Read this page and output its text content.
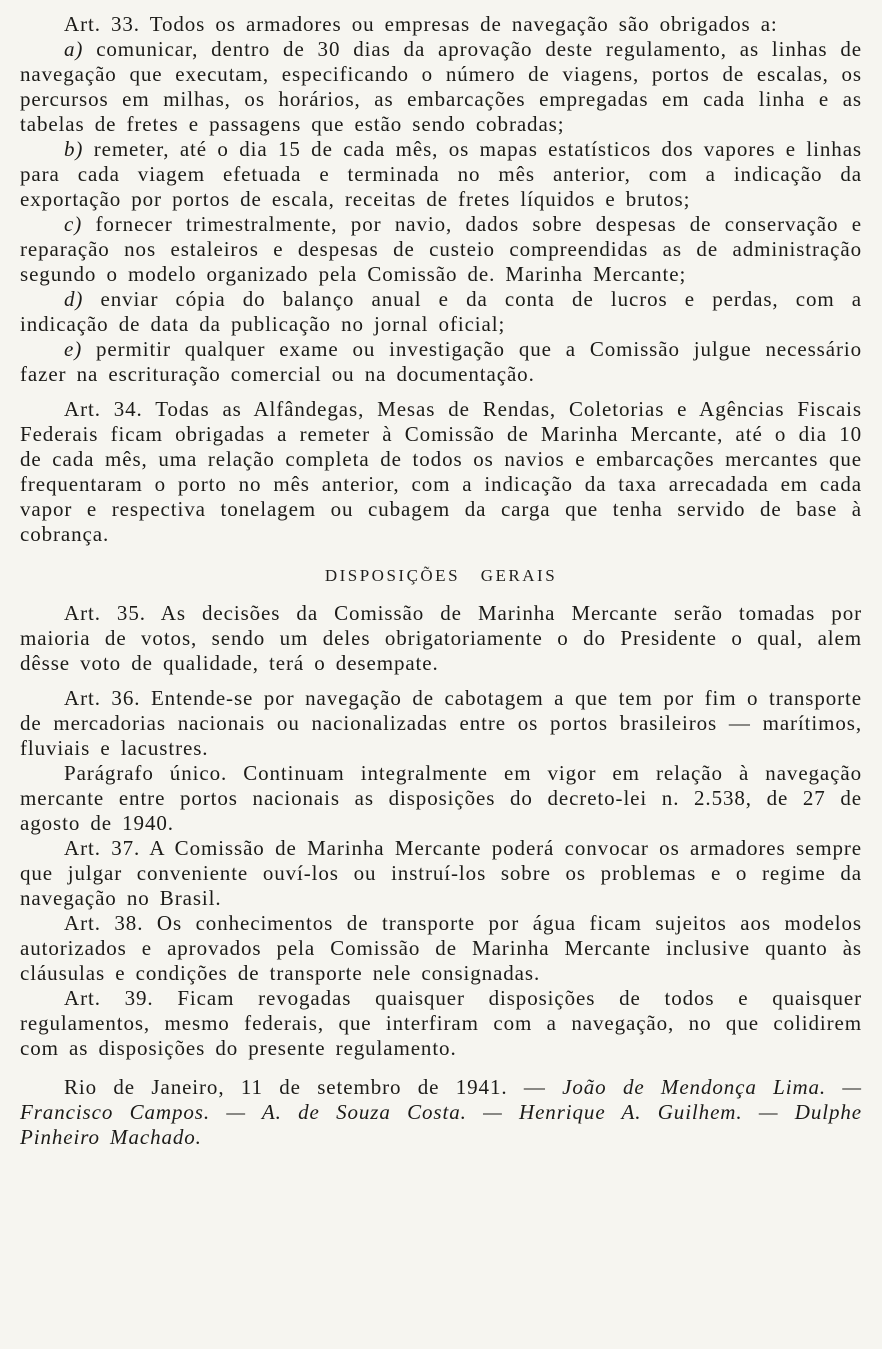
Art. 33. Todos os armadores ou empresas de navegação são obrigados a:

a) comunicar, dentro de 30 dias da aprovação deste regulamento, as linhas de navegação que executam, especificando o número de viagens, portos de escalas, os percursos em milhas, os horários, as embarcações empregadas em cada linha e as tabelas de fretes e passagens que estão sendo cobradas;

b) remeter, até o dia 15 de cada mês, os mapas estatísticos dos vapores e linhas para cada viagem efetuada e terminada no mês anterior, com a indicação da exportação por portos de escala, receitas de fretes líquidos e brutos;

c) fornecer trimestralmente, por navio, dados sobre despesas de conservação e reparação nos estaleiros e despesas de custeio compreendidas as de administração segundo o modelo organizado pela Comissão de. Marinha Mercante;

d) enviar cópia do balanço anual e da conta de lucros e perdas, com a indicação de data da publicação no jornal oficial;

e) permitir qualquer exame ou investigação que a Comissão julgue necessário fazer na escrituração comercial ou na documentação.

Art. 34. Todas as Alfândegas, Mesas de Rendas, Coletorias e Agências Fiscais Federais ficam obrigadas a remeter à Comissão de Marinha Mercante, até o dia 10 de cada mês, uma relação completa de todos os navios e embarcações mercantes que frequentaram o porto no mês anterior, com a indicação da taxa arrecadada em cada vapor e respectiva tonelagem ou cubagem da carga que tenha servido de base à cobrança.

DISPOSIÇÕES GERAIS

Art. 35. As decisões da Comissão de Marinha Mercante serão tomadas por maioria de votos, sendo um deles obrigatoriamente o do Presidente o qual, alem dêsse voto de qualidade, terá o desempate.

Art. 36. Entende-se por navegação de cabotagem a que tem por fim o transporte de mercadorias nacionais ou nacionalizadas entre os portos brasileiros — marítimos, fluviais e lacustres.

Parágrafo único. Continuam integralmente em vigor em relação à navegação mercante entre portos nacionais as disposições do decreto-lei n. 2.538, de 27 de agosto de 1940.

Art. 37. A Comissão de Marinha Mercante poderá convocar os armadores sempre que julgar conveniente ouví-los ou instruí-los sobre os problemas e o regime da navegação no Brasil.

Art. 38. Os conhecimentos de transporte por água ficam sujeitos aos modelos autorizados e aprovados pela Comissão de Marinha Mercante inclusive quanto às cláusulas e condições de transporte nele consignadas.

Art. 39. Ficam revogadas quaisquer disposições de todos e quaisquer regulamentos, mesmo federais, que interfiram com a navegação, no que colidirem com as disposições do presente regulamento.

Rio de Janeiro, 11 de setembro de 1941. — João de Mendonça Lima. — Francisco Campos. — A. de Souza Costa. — Henrique A. Guilhem. — Dulphe Pinheiro Machado.
